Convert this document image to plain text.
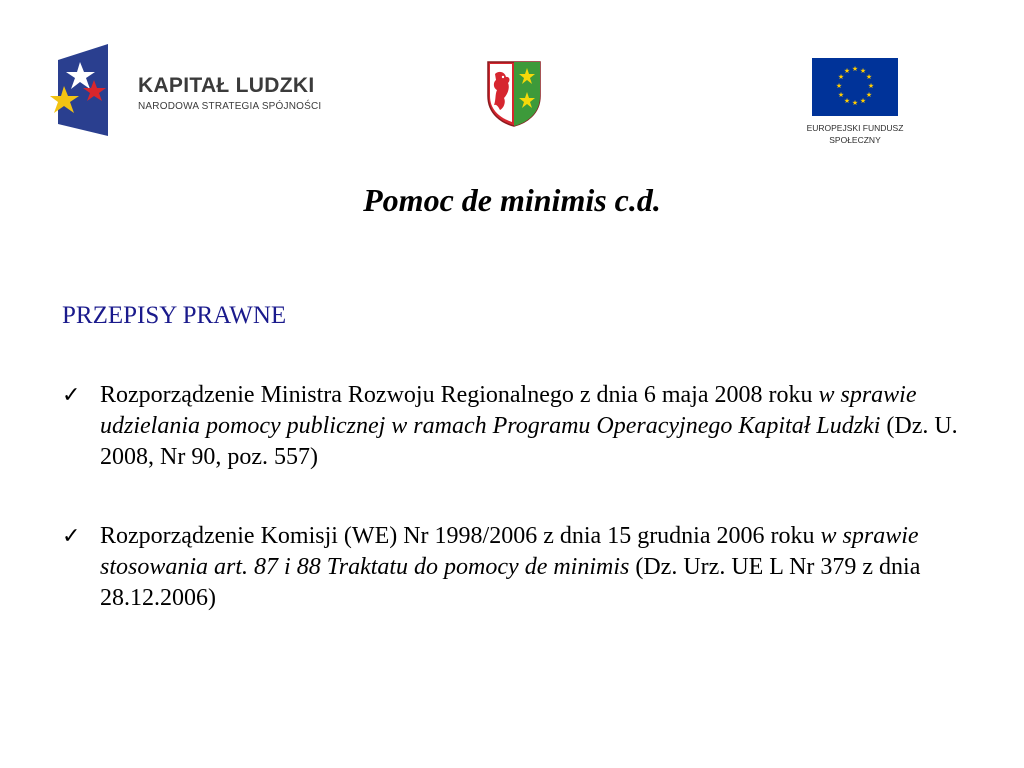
KAPITAŁ LUDZKI
NARODOWA STRATEGIA SPÓJNOŚCI
★ ★
★
★
★
★
★
★
★
★
★
★
EUROPEJSKI FUNDUSZ
SPOŁECZNY
Pomoc de minimis c.d.
PRZEPISY PRAWNE
✓ Rozporządzenie Ministra Rozwoju Regionalnego z dnia 6 maja 2008 roku w sprawie udzielania pomocy publicznej w ramach Programu Operacyjnego Kapitał Ludzki (Dz. U. 2008, Nr 90, poz. 557)
✓ Rozporządzenie Komisji (WE) Nr 1998/2006 z dnia 15 grudnia 2006 roku w sprawie stosowania art. 87 i 88 Traktatu do pomocy de minimis (Dz. Urz. UE L Nr 379 z dnia 28.12.2006)
